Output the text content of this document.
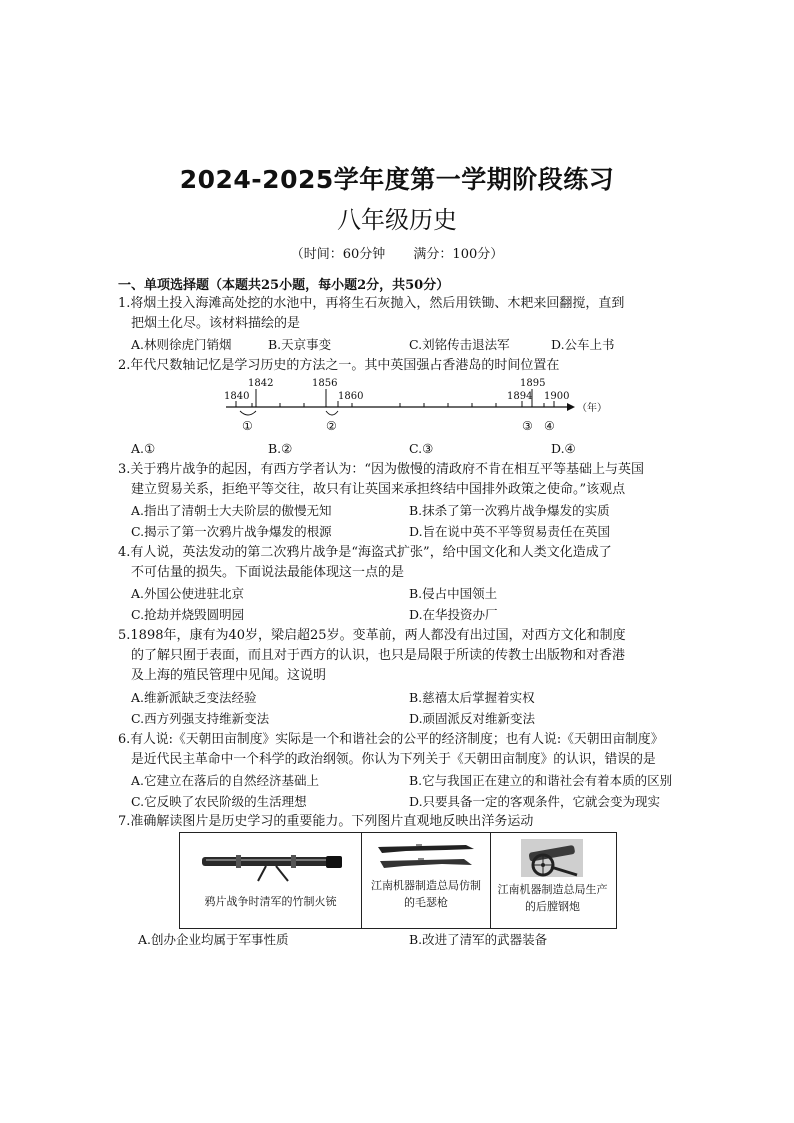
2024-2025学年度第一学期阶段练习
八年级历史
（时间：60分钟 满分：100分）
一、单项选择题（本题共25小题，每小题2分，共50分）
1.将烟土投入海滩高处挖的水池中，再将生石灰抛入，然后用铁锄、木耙来回翻搅，直到
把烟土化尽。该材料描绘的是
A.林则徐虎门销烟	B.天京事变	C.刘铭传击退法军	D.公车上书
2.年代尺数轴记忆是学习历史的方法之一。其中英国强占香港岛的时间位置在
1840
1842	1856
1860	1894
1895
1900
（年）
①	②	③ ④
A.①	B.②	C.③	D.④
3.关于鸦片战争的起因，有西方学者认为：“因为傲慢的清政府不肯在相互平等基础上与英国
建立贸易关系，拒绝平等交往，故只有让英国来承担终结中国排外政策之使命。”该观点
A.指出了清朝士大夫阶层的傲慢无知	B.抹杀了第一次鸦片战争爆发的实质
C.揭示了第一次鸦片战争爆发的根源	D.旨在说中英不平等贸易责任在英国
4.有人说，英法发动的第二次鸦片战争是“海盗式扩张”，给中国文化和人类文化造成了
不可估量的损失。下面说法最能体现这一点的是
A.外国公使进驻北京	B.侵占中国领土
C.抢劫并烧毁圆明园	D.在华投资办厂
5.1898年，康有为40岁，梁启超25岁。变革前，两人都没有出过国，对西方文化和制度
的了解只囿于表面，而且对于西方的认识，也只是局限于所读的传教士出版物和对香港
及上海的殖民管理中见闻。这说明
A.维新派缺乏变法经验	B.慈禧太后掌握着实权
C.西方列强支持维新变法	D.顽固派反对维新变法
6.有人说:《天朝田亩制度》实际是一个和谐社会的公平的经济制度；也有人说:《天朝田亩制度》
是近代民主革命中一个科学的政治纲领。你认为下列关于《天朝田亩制度》的认识，错误的是
A.它建立在落后的自然经济基础上	B.它与我国正在建立的和谐社会有着本质的区别
C.它反映了农民阶级的生活理想	D.只要具备一定的客观条件，它就会变为现实
7.准确解读图片是历史学习的重要能力。下列图片直观地反映出洋务运动
鸦片战争时清军的竹制火铳
江南机器制造总局仿制的毛瑟枪
江南机器制造总局生产的后膛钢炮
A.创办企业均属于军事性质	B.改进了清军的武器装备
